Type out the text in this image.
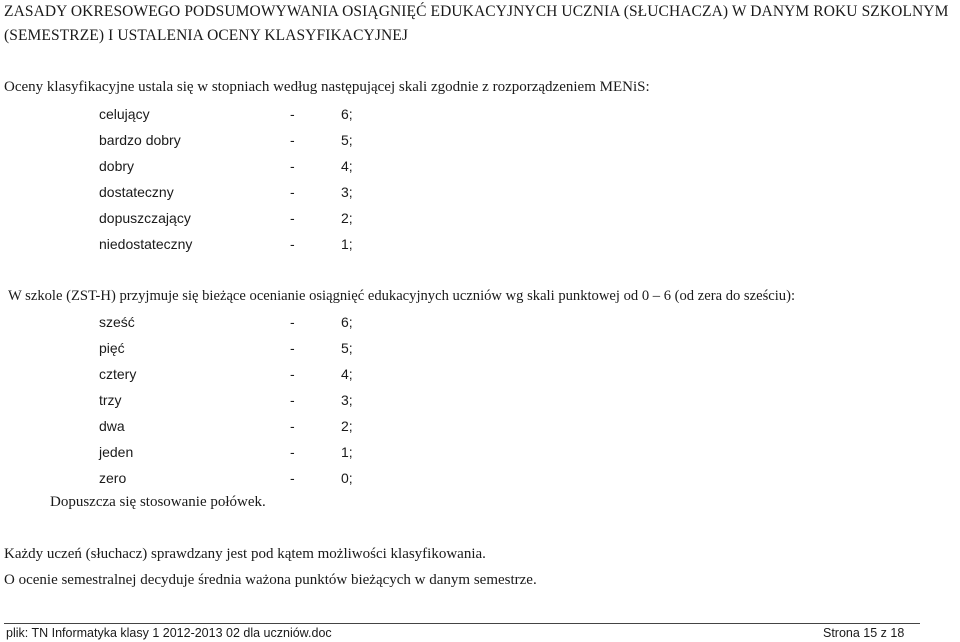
ZASADY OKRESOWEGO PODSUMOWYWANIA OSIĄGNIĘĆ EDUKACYJNYCH UCZNIA (SŁUCHACZA) W DANYM ROKU SZKOLNYM
(SEMESTRZE) I USTALENIA OCENY KLASYFIKACYJNEJ
Oceny klasyfikacyjne ustala się w stopniach według następującej skali zgodnie z rozporządzeniem MENiS:
celujący	-	6;
bardzo dobry	-	5;
dobry	-	4;
dostateczny	-	3;
dopuszczający	-	2;
niedostateczny	-	1;
W szkole (ZST-H) przyjmuje się bieżące ocenianie osiągnięć edukacyjnych uczniów wg skali punktowej od 0 – 6 (od zera do sześciu):
sześć	-	6;
pięć	-	5;
cztery	-	4;
trzy	-	3;
dwa	-	2;
jeden	-	1;
zero	-	0;
Dopuszcza się stosowanie połówek.
Każdy uczeń (słuchacz) sprawdzany jest pod kątem możliwości klasyfikowania.
O ocenie semestralnej decyduje średnia ważona punktów bieżących w danym semestrze.
plik: TN Informatyka klasy 1 2012-2013 02 dla uczniów.doc	Strona 15 z 18
